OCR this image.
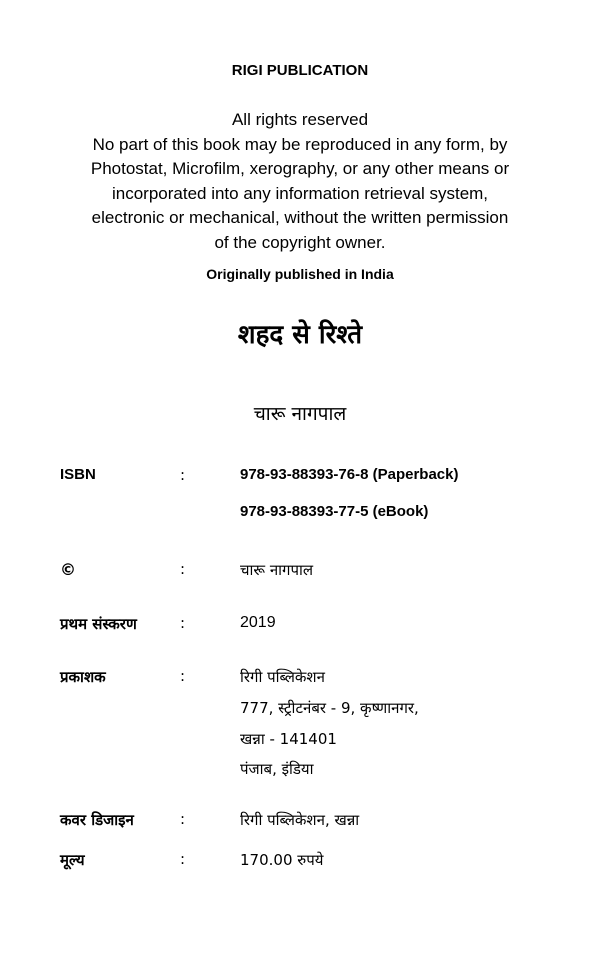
RIGI PUBLICATION
All rights reserved
No part of this book may be reproduced in any form, by
Photostat, Microfilm, xerography, or any other means or
incorporated into any information retrieval system,
electronic or mechanical, without the written permission
of the copyright owner.
Originally published in India
शहद से रिश्ते
चारू नागपाल
ISBN	:	978-93-88393-76-8 (Paperback)
978-93-88393-77-5 (eBook)
©	:	चारू नागपाल
प्रथम संस्करण	:	2019
प्रकाशक	:	रिगी पब्लिकेशन
777, स्ट्रीटनंबर - 9, कृष्णानगर,
खन्ना - 141401
पंजाब, इंडिया
कवर डिजाइन	:	रिगी पब्लिकेशन, खन्ना
मूल्य	:	170.00 रुपये
